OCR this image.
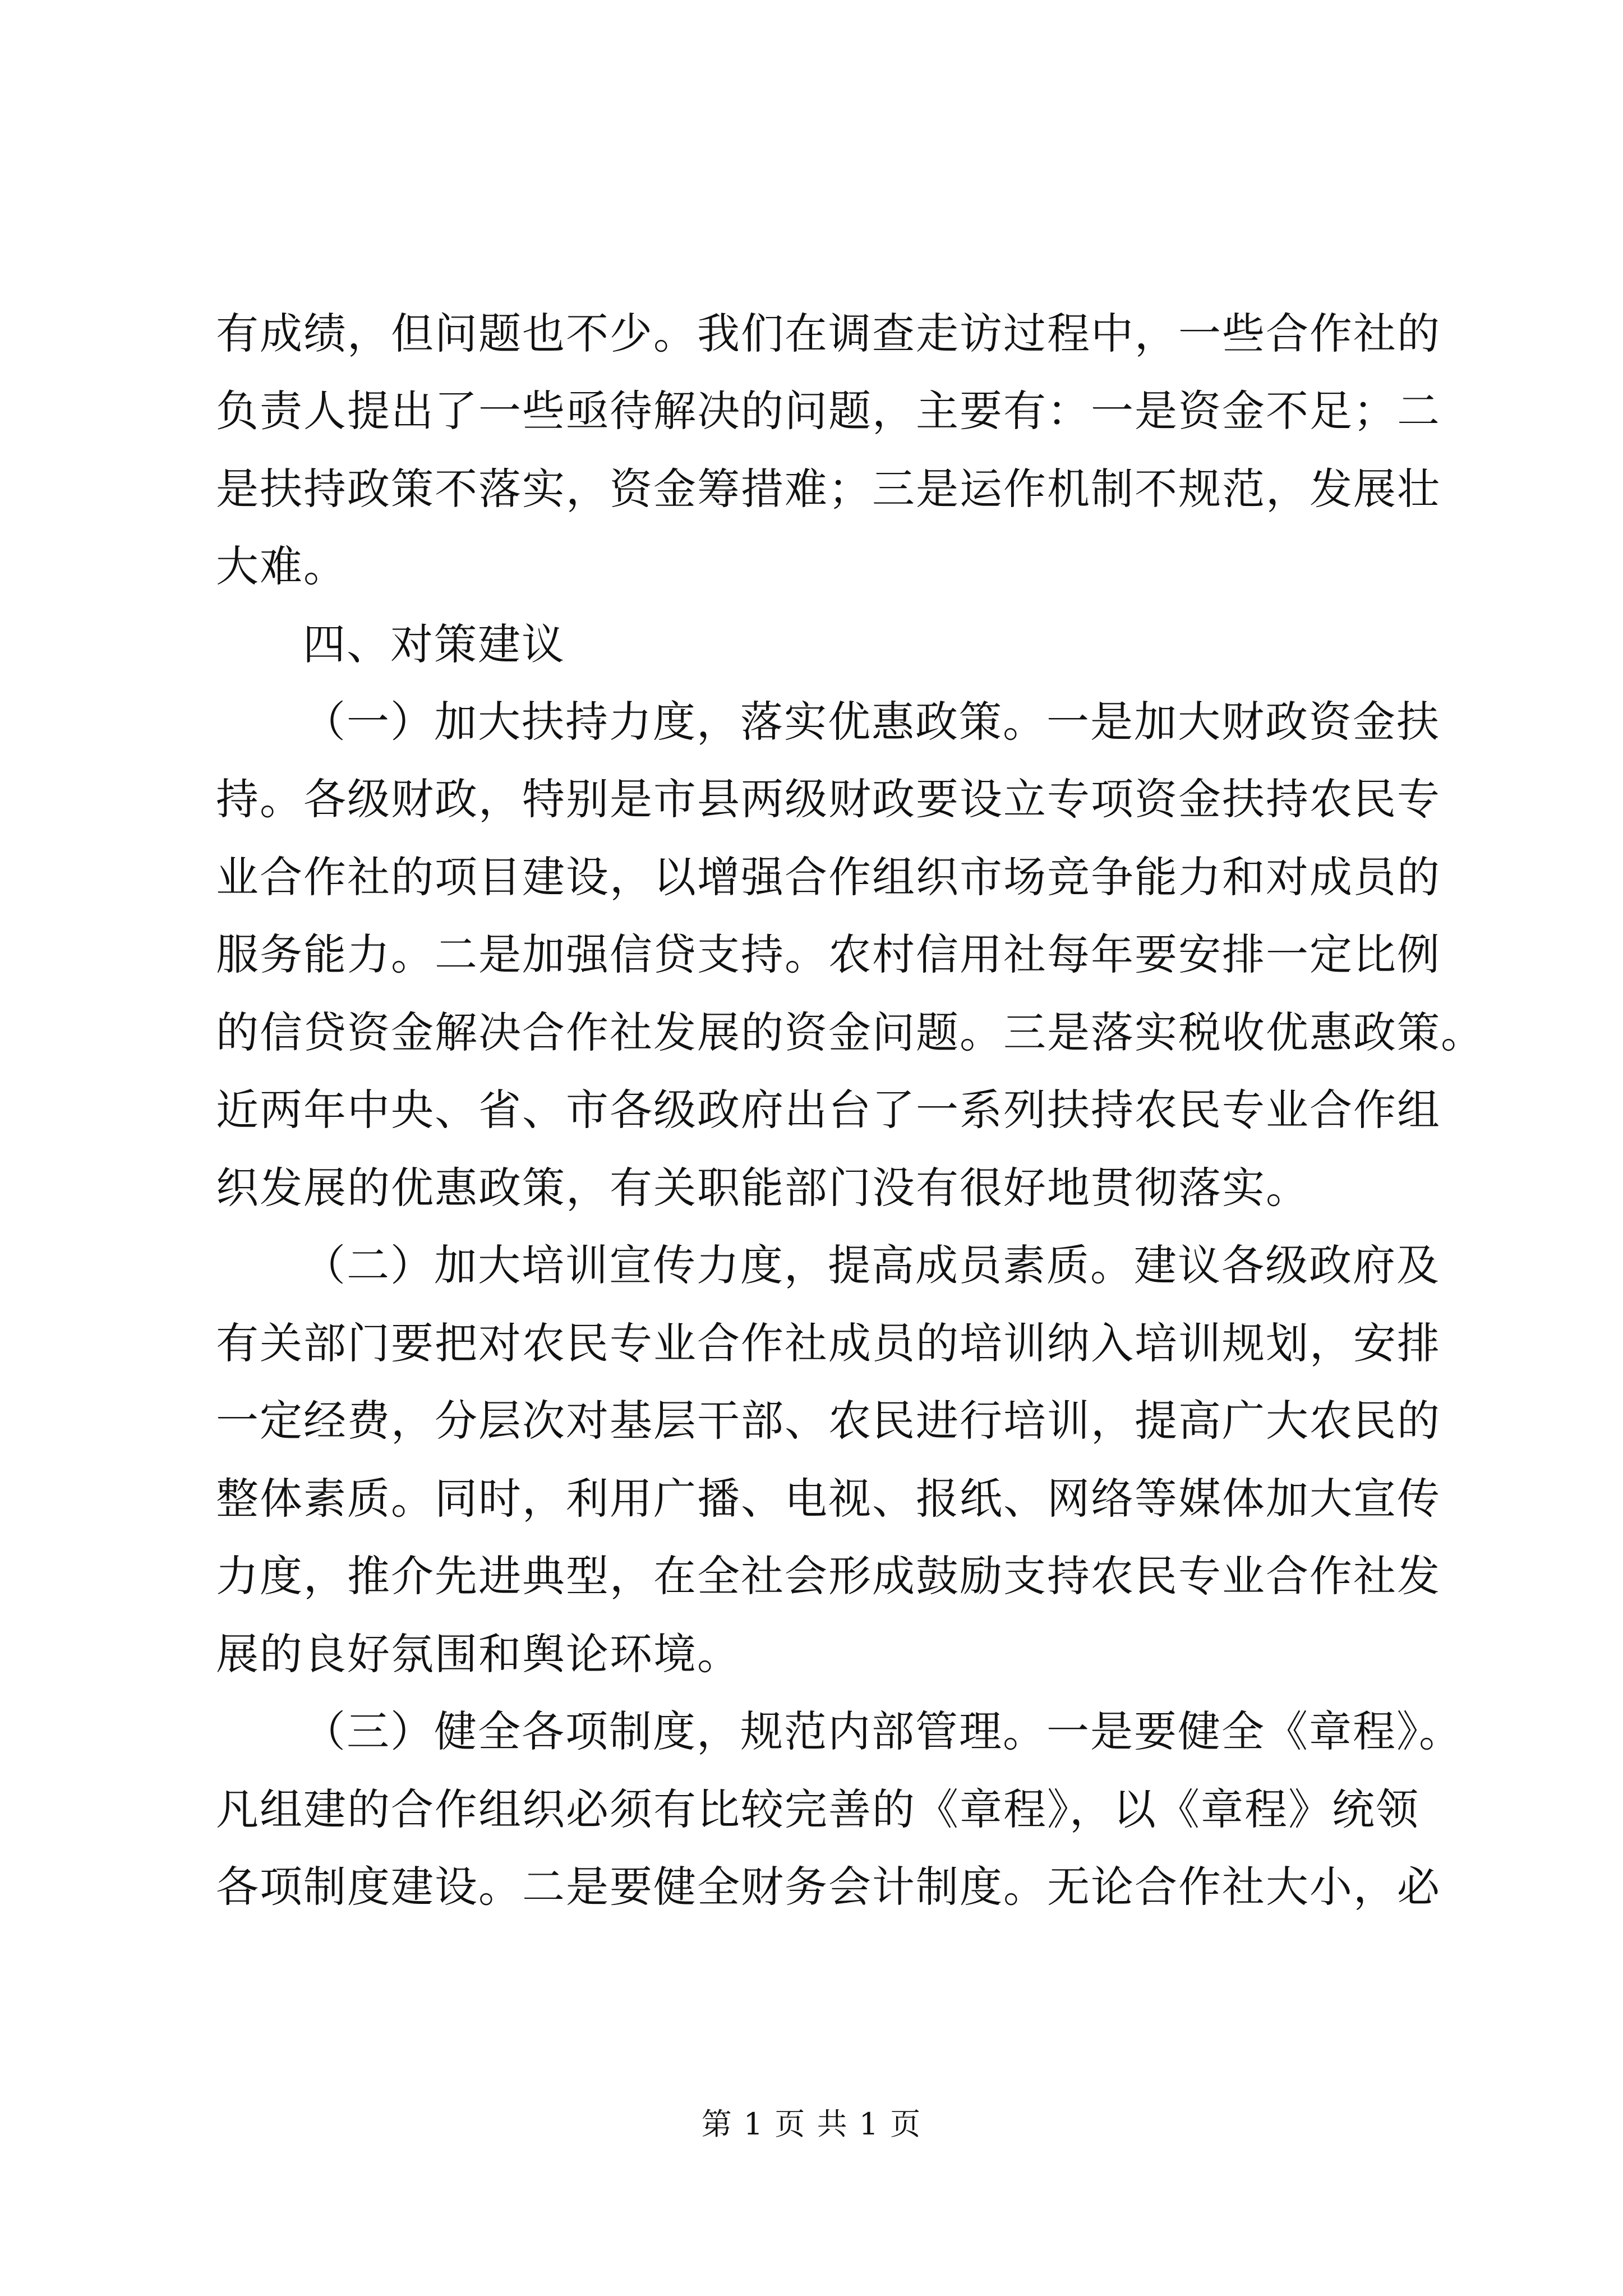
有成绩，但问题也不少。我们在调查走访过程中，一些合作社的
负责人提出了一些亟待解决的问题，主要有：一是资金不足；二
是扶持政策不落实，资金筹措难；三是运作机制不规范，发展壮
大难。
四、对策建议
（一）加大扶持力度，落实优惠政策。一是加大财政资金扶
持。各级财政，特别是市县两级财政要设立专项资金扶持农民专
业合作社的项目建设，以增强合作组织市场竞争能力和对成员的
服务能力。二是加强信贷支持。农村信用社每年要安排一定比例
的信贷资金解决合作社发展的资金问题。三是落实税收优惠政策。
近两年中央、省、市各级政府出台了一系列扶持农民专业合作组
织发展的优惠政策，有关职能部门没有很好地贯彻落实。
（二）加大培训宣传力度，提高成员素质。建议各级政府及
有关部门要把对农民专业合作社成员的培训纳入培训规划，安排
一定经费，分层次对基层干部、农民进行培训，提高广大农民的
整体素质。同时，利用广播、电视、报纸、网络等媒体加大宣传
力度，推介先进典型，在全社会形成鼓励支持农民专业合作社发
展的良好氛围和舆论环境。
（三）健全各项制度，规范内部管理。一是要健全《章程》。
凡组建的合作组织必须有比较完善的《章程》，以《章程》统领
各项制度建设。二是要健全财务会计制度。无论合作社大小，必
第 1 页 共 1 页
